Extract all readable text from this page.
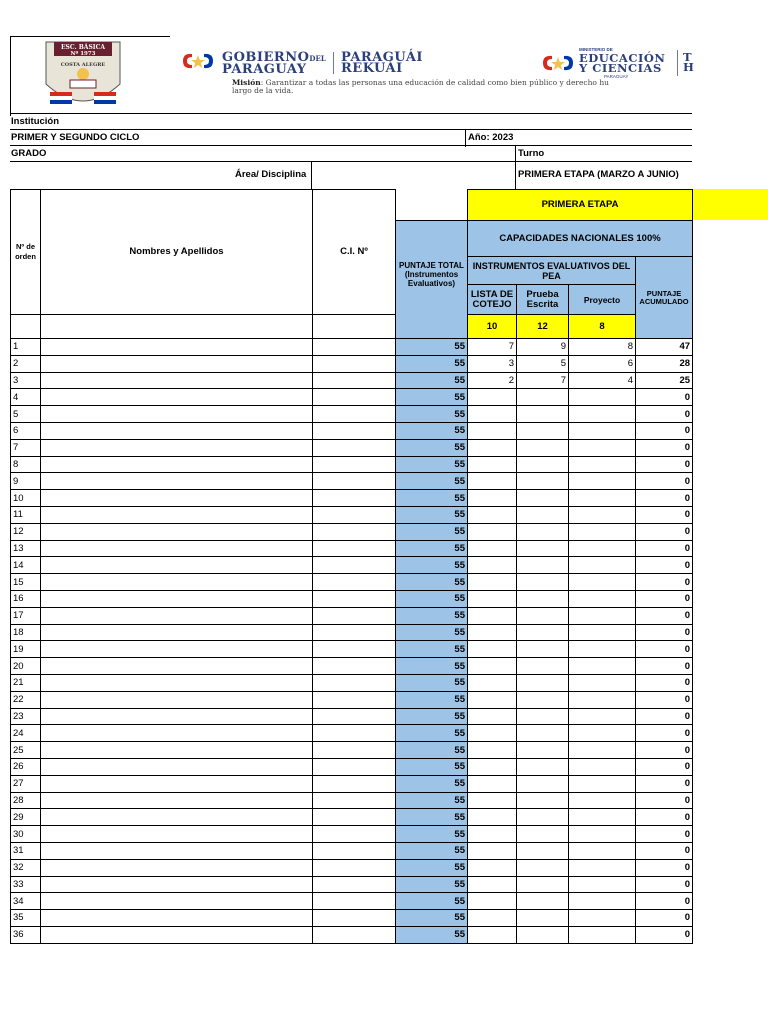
ESC. BÁSICA
Nº 1973
COSTA ALEGRE	GOBIERNODEL
PARAGUAY
PARAGUÁI
REKUÁI
Misión: Garantizar a todas las personas una educación de calidad como bien público y derecho hu
largo de la vida.
MINISTERIO DE
EDUCACIÓN
Y CIENCIAS
PARAGUAY
T
H
Institución
PRIMER Y SEGUNDO CICLO	Año: 2023
GRADO	Turno
Área/ Disciplina	PRIMERA ETAPA (MARZO A JUNIO)
Nº de orden	Nombres y Apellidos	C.I. Nº		PRIMERA ETAPA			
			PUNTAJE TOTAL (Instrumentos Evaluativos)	CAPACIDADES NACIONALES 100%			
				INSTRUMENTOS EVALUATIVOS DEL PEA			PUNTAJE ACUMULADO
				LISTA DE COTEJO	Prueba Escrita	Proyecto	
				10	12	8	
1			55	7	9	8	47
2			55	3	5	6	28
3			55	2	7	4	25
4			55				0
5			55				0
6			55				0
7			55				0
8			55				0
9			55				0
10			55				0
11			55				0
12			55				0
13			55				0
14			55				0
15			55				0
16			55				0
17			55				0
18			55				0
19			55				0
20			55				0
21			55				0
22			55				0
23			55				0
24			55				0
25			55				0
26			55				0
27			55				0
28			55				0
29			55				0
30			55				0
31			55				0
32			55				0
33			55				0
34			55				0
35			55				0
36			55				0
